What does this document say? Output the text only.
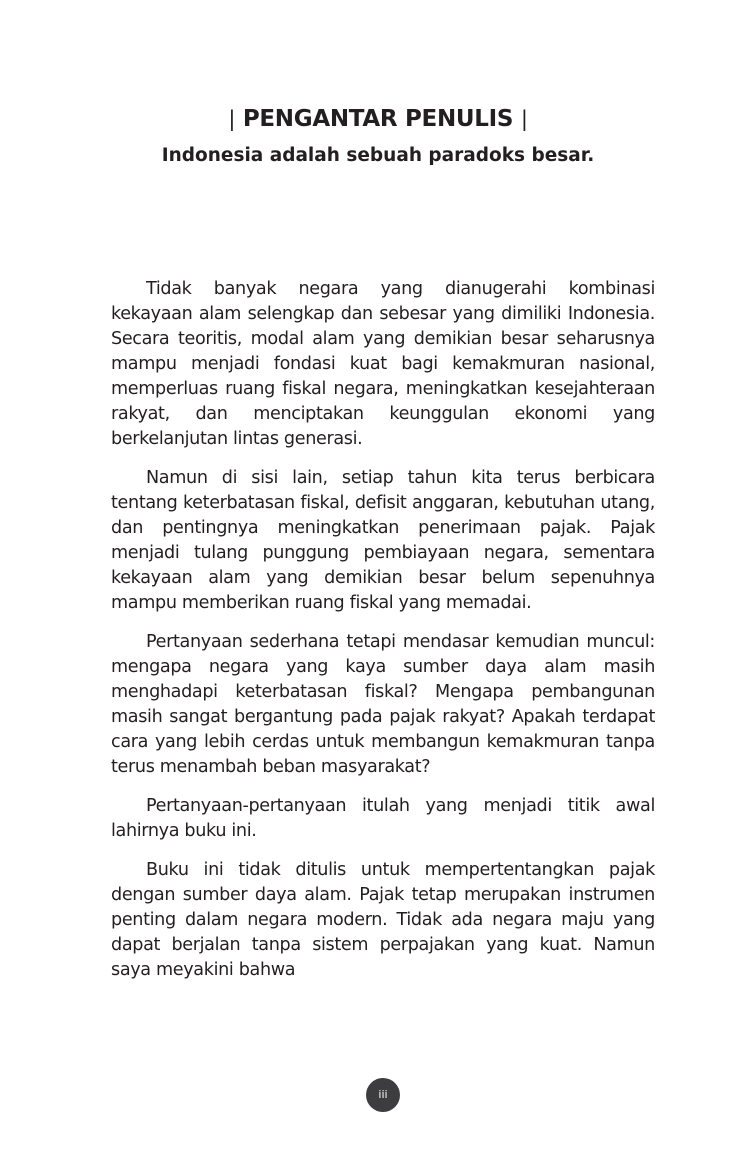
| PENGANTAR PENULIS |

Indonesia adalah sebuah paradoks besar.

Tidak banyak negara yang dianugerahi kombinasi kekayaan alam selengkap dan sebesar yang dimiliki Indonesia. Secara teoritis, modal alam yang demikian besar seharusnya mampu menjadi fondasi kuat bagi kemakmuran nasional, memperluas ruang fiskal negara, meningkatkan kesejahteraan rakyat, dan menciptakan keunggulan ekonomi yang berkelanjutan lintas generasi.

Namun di sisi lain, setiap tahun kita terus berbicara tentang keterbatasan fiskal, defisit anggaran, kebutuhan utang, dan pentingnya meningkatkan penerimaan pajak. Pajak menjadi tulang punggung pembiayaan negara, sementara kekayaan alam yang demikian besar belum sepenuhnya mampu memberikan ruang fiskal yang memadai.

Pertanyaan sederhana tetapi mendasar kemudian muncul: mengapa negara yang kaya sumber daya alam masih menghadapi keterbatasan fiskal? Mengapa pembangunan masih sangat bergantung pada pajak rakyat? Apakah terdapat cara yang lebih cerdas untuk membangun kemakmuran tanpa terus menambah beban masyarakat?

Pertanyaan-pertanyaan itulah yang menjadi titik awal lahirnya buku ini.

Buku ini tidak ditulis untuk mempertentangkan pajak dengan sumber daya alam. Pajak tetap merupakan instrumen penting dalam negara modern. Tidak ada negara maju yang dapat berjalan tanpa sistem perpajakan yang kuat. Namun saya meyakini bahwa

iii
